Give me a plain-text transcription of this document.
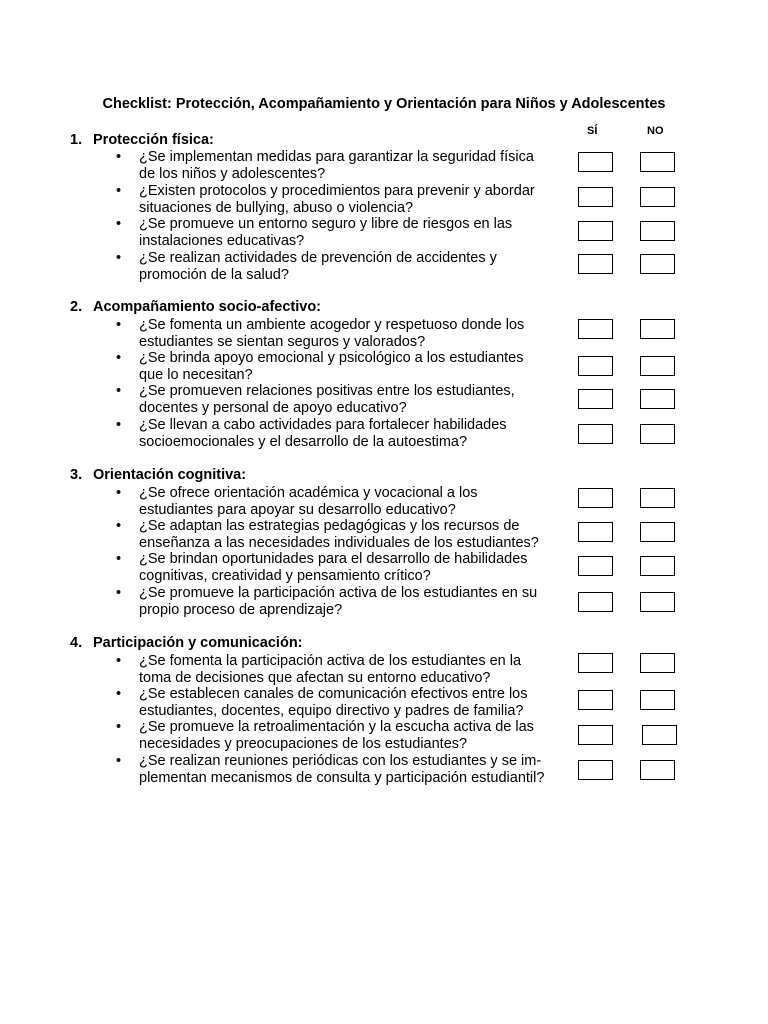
Checklist: Protección, Acompañamiento y Orientación para Niños y Adolescentes
SÍ	NO
1. Protección física:
• ¿Se implementan medidas para garantizar la seguridad física
de los niños y adolescentes?
• ¿Existen protocolos y procedimientos para prevenir y abordar
situaciones de bullying, abuso o violencia?
• ¿Se promueve un entorno seguro y libre de riesgos en las
instalaciones educativas?
• ¿Se realizan actividades de prevención de accidentes y
promoción de la salud?
2. Acompañamiento socio-afectivo:
• ¿Se fomenta un ambiente acogedor y respetuoso donde los
estudiantes se sientan seguros y valorados?
• ¿Se brinda apoyo emocional y psicológico a los estudiantes
que lo necesitan?
• ¿Se promueven relaciones positivas entre los estudiantes,
docentes y personal de apoyo educativo?
• ¿Se llevan a cabo actividades para fortalecer habilidades
socioemocionales y el desarrollo de la autoestima?
3. Orientación cognitiva:
• ¿Se ofrece orientación académica y vocacional a los
estudiantes para apoyar su desarrollo educativo?
• ¿Se adaptan las estrategias pedagógicas y los recursos de
enseñanza a las necesidades individuales de los estudiantes?
• ¿Se brindan oportunidades para el desarrollo de habilidades
cognitivas, creatividad y pensamiento crítico?
• ¿Se promueve la participación activa de los estudiantes en su
propio proceso de aprendizaje?
4. Participación y comunicación:
• ¿Se fomenta la participación activa de los estudiantes en la
toma de decisiones que afectan su entorno educativo?
• ¿Se establecen canales de comunicación efectivos entre los
estudiantes, docentes, equipo directivo y padres de familia?
• ¿Se promueve la retroalimentación y la escucha activa de las
necesidades y preocupaciones de los estudiantes?
• ¿Se realizan reuniones periódicas con los estudiantes y se im-
plementan mecanismos de consulta y participación estudiantil?
